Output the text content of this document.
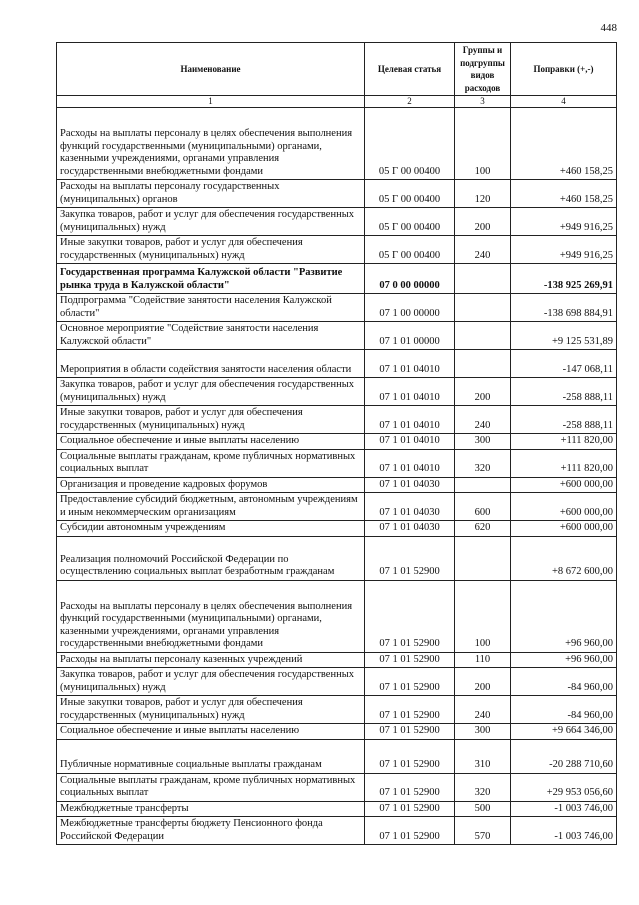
448
Наименование	Целевая статья	Группы и подгруппы видов расходов	Поправки (+,-)
1	2	3	4
Расходы на выплаты персоналу в целях обеспечения выполнения функций государственными (муниципальными) органами, казенными учреждениями, органами управления государственными внебюджетными фондами	05 Г 00 00400	100	+460 158,25
Расходы на выплаты персоналу государственных (муниципальных) органов	05 Г 00 00400	120	+460 158,25
Закупка товаров, работ и услуг для обеспечения государственных (муниципальных) нужд	05 Г 00 00400	200	+949 916,25
Иные закупки товаров, работ и услуг для обеспечения государственных (муниципальных) нужд	05 Г 00 00400	240	+949 916,25
Государственная программа Калужской области "Развитие рынка труда в Калужской области"	07 0 00 00000		-138 925 269,91
Подпрограмма "Содействие занятости населения Калужской области"	07 1 00 00000		-138 698 884,91
Основное мероприятие "Содействие занятости населения Калужской области"	07 1 01 00000		+9 125 531,89
Мероприятия в области содействия занятости населения области	07 1 01 04010		-147 068,11
Закупка товаров, работ и услуг для обеспечения государственных (муниципальных) нужд	07 1 01 04010	200	-258 888,11
Иные закупки товаров, работ и услуг для обеспечения государственных (муниципальных) нужд	07 1 01 04010	240	-258 888,11
Социальное обеспечение и иные выплаты населению	07 1 01 04010	300	+111 820,00
Социальные выплаты гражданам, кроме публичных нормативных социальных выплат	07 1 01 04010	320	+111 820,00
Организация и проведение кадровых форумов	07 1 01 04030		+600 000,00
Предоставление субсидий бюджетным, автономным учреждениям и иным некоммерческим организациям	07 1 01 04030	600	+600 000,00
Субсидии автономным учреждениям	07 1 01 04030	620	+600 000,00
Реализация полномочий Российской Федерации по осуществлению социальных выплат безработным гражданам	07 1 01 52900		+8 672 600,00
Расходы на выплаты персоналу в целях обеспечения выполнения функций государственными (муниципальными) органами, казенными учреждениями, органами управления государственными внебюджетными фондами	07 1 01 52900	100	+96 960,00
Расходы на выплаты персоналу казенных учреждений	07 1 01 52900	110	+96 960,00
Закупка товаров, работ и услуг для обеспечения государственных (муниципальных) нужд	07 1 01 52900	200	-84 960,00
Иные закупки товаров, работ и услуг для обеспечения государственных (муниципальных) нужд	07 1 01 52900	240	-84 960,00
Социальное обеспечение и иные выплаты населению	07 1 01 52900	300	+9 664 346,00
Публичные нормативные социальные выплаты гражданам	07 1 01 52900	310	-20 288 710,60
Социальные выплаты гражданам, кроме публичных нормативных социальных выплат	07 1 01 52900	320	+29 953 056,60
Межбюджетные трансферты	07 1 01 52900	500	-1 003 746,00
Межбюджетные трансферты бюджету Пенсионного фонда Российской Федерации	07 1 01 52900	570	-1 003 746,00
